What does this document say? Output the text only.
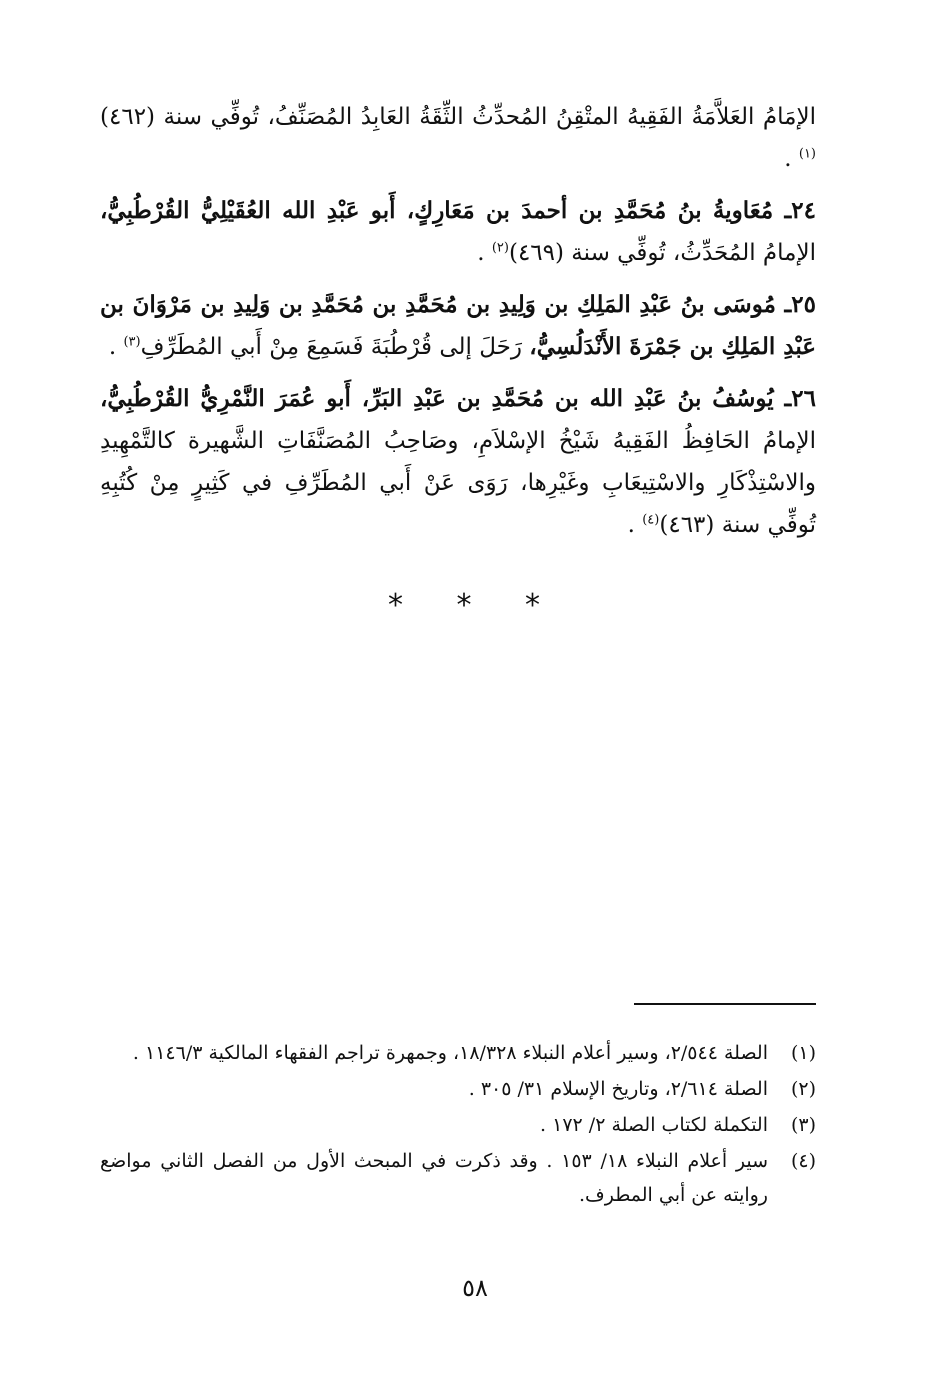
الإمَامُ العَلاَّمَةُ الفَقِيهُ المتْقِنُ المُحدِّثُ الثِّقَةُ العَابِدُ المُصَنِّفُ، تُوفِّي سنة (٤٦٢)$^{(١)}$ .

٢٤ـ مُعَاويةُ بنُ مُحَمَّدِ بن أحمدَ بن مَعَارِكٍ، أَبو عَبْدِ الله العُقَيْلِيُّ القُرْطُبِيُّ، الإمامُ المُحَدِّثُ، تُوفِّي سنة (٤٦٩)$^{(٢)}$ .

٢٥ـ مُوسَى بنُ عَبْدِ المَلِكِ بن وَلِيدِ بن مُحَمَّدِ بن مُحَمَّدِ بن وَلِيدِ بن مَرْوَانَ بن عَبْدِ المَلِكِ بن جَمْرَةَ الأَنْدَلُسِيُّ، رَحَلَ إلى قُرْطُبَةَ فَسَمِعَ مِنْ أَبي المُطَرِّفِ$^{(٣)}$ .

٢٦ـ يُوسُفُ بنُ عَبْدِ الله بن مُحَمَّدِ بن عَبْدِ البَرِّ، أَبو عُمَرَ النَّمْرِيُّ القُرْطُبِيُّ، الإمامُ الحَافِظُ الفَقِيهُ شَيْخُ الإسْلاَمِ، وصَاحِبُ المُصَنَّفَاتِ الشَّهيرة كالتَّمْهِيدِ والاسْتِذْكَارِ والاسْتِيعَابِ وغَيْرِها، رَوَى عَنْ أَبي المُطَرِّفِ في كَثِيرٍ مِنْ كُتُبِهِ تُوفِّي سنة (٤٦٣)$^{(٤)}$ .

* * *
(١)
الصلة ٢/٥٤٤، وسير أعلام النبلاء ١٨/٣٢٨، وجمهرة تراجم الفقهاء المالكية ١١٤٦/٣ .
(٢)
الصلة ٢/٦١٤، وتاريخ الإسلام ٣١/ ٣٠٥ .
(٣)
التكملة لكتاب الصلة ٢/ ١٧٢ .
(٤)
سير أعلام النبلاء ١٨/ ١٥٣ . وقد ذكرت في المبحث الأول من الفصل الثاني مواضع روايته عن أبي المطرف.
٥٨
